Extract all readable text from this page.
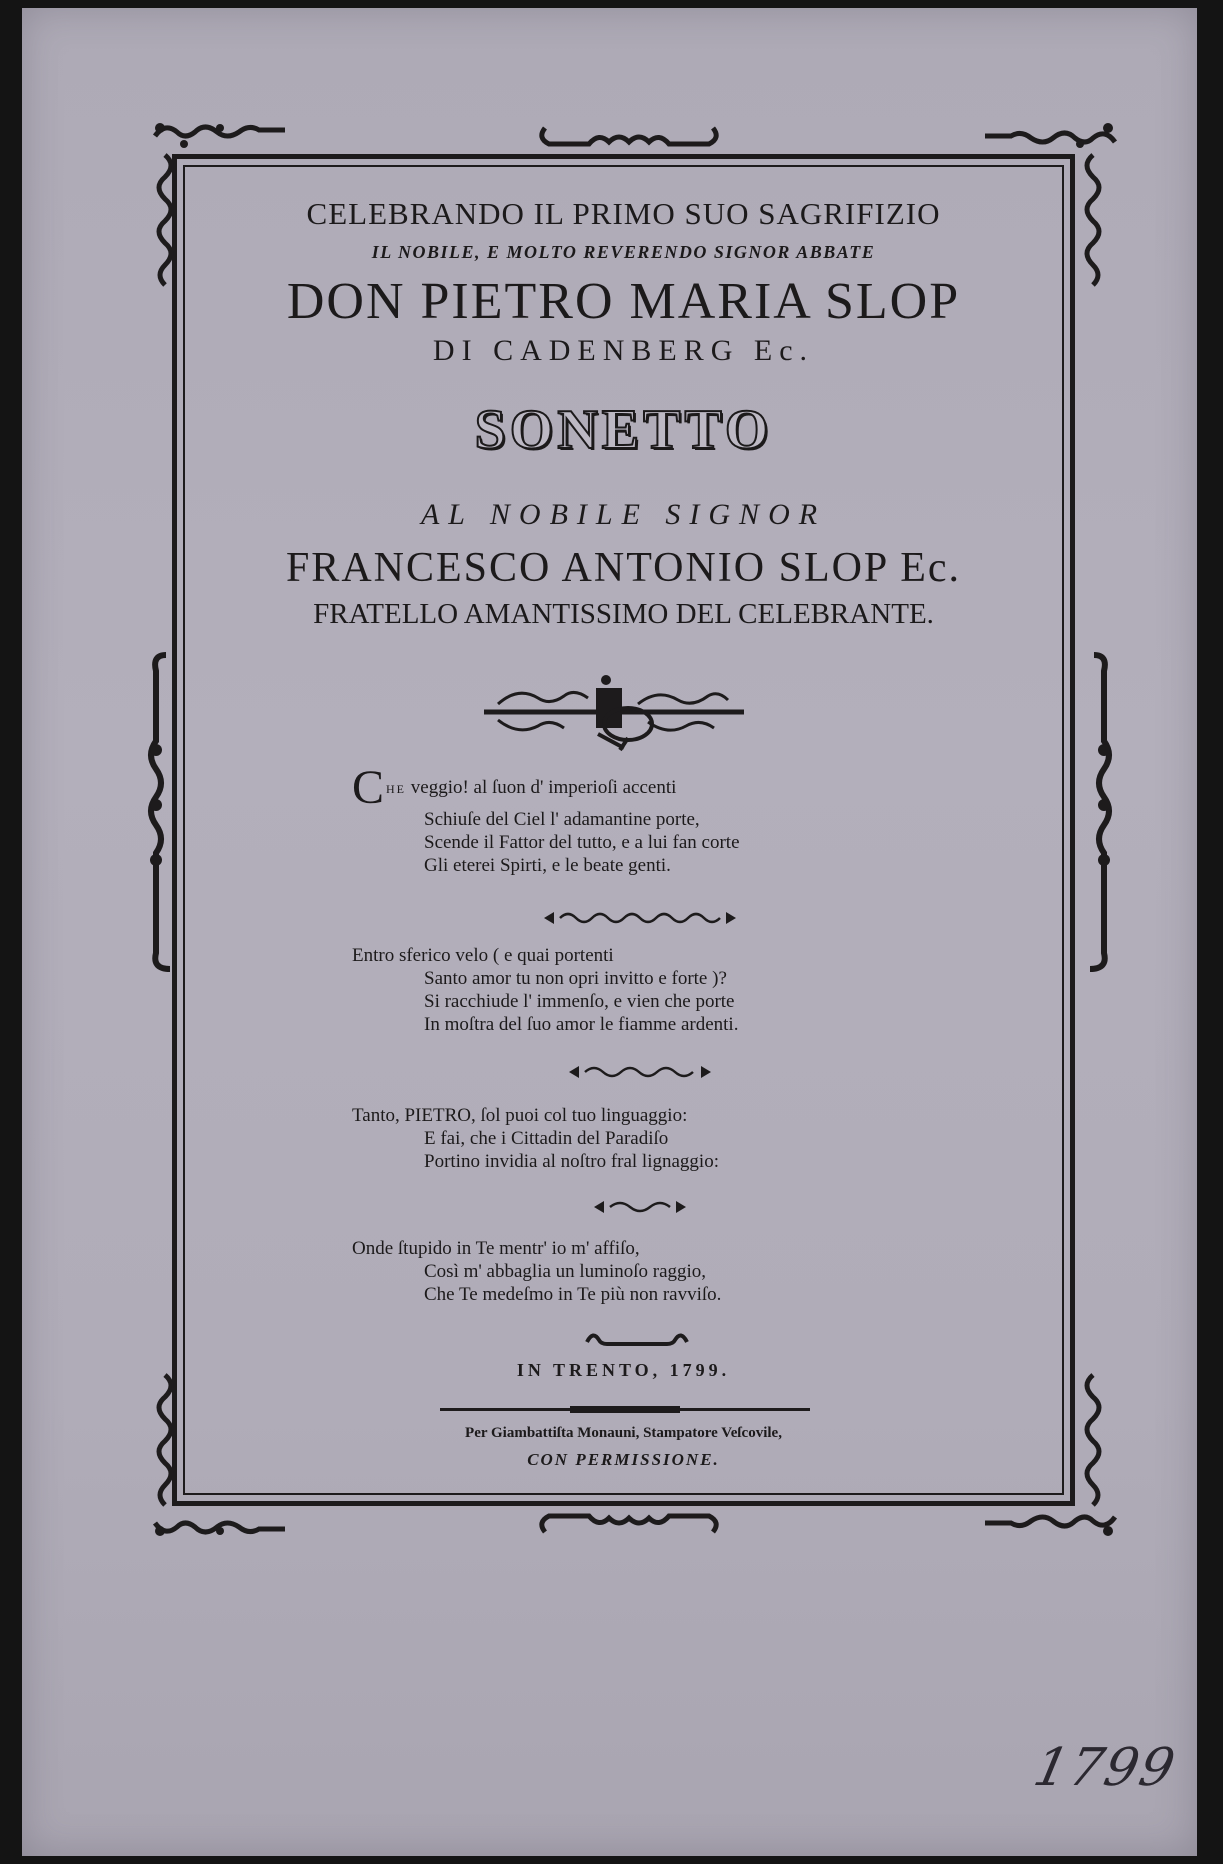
CELEBRANDO IL PRIMO SUO SAGRIFIZIO
IL NOBILE, E MOLTO REVERENDO SIGNOR ABBATE
DON PIETRO MARIA SLOP
DI CADENBERG Ec.
SONETTO
AL NOBILE SIGNOR
FRANCESCO ANTONIO SLOP Ec.
FRATELLO AMANTISSIMO DEL CELEBRANTE.
CHE veggio! al ſuon d' imperioſi accenti
Schiuſe del Ciel l' adamantine porte,
Scende il Fattor del tutto, e a lui fan corte
Gli eterei Spirti, e le beate genti.
Entro sferico velo ( e quai portenti
Santo amor tu non opri invitto e forte )?
Si racchiude l' immenſo, e vien che porte
In moſtra del ſuo amor le fiamme ardenti.
Tanto, PIETRO, ſol puoi col tuo linguaggio:
E fai, che i Cittadin del Paradiſo
Portino invidia al noſtro fral lignaggio:
Onde ſtupido in Te mentr' io m' affiſo,
Così m' abbaglia un luminoſo raggio,
Che Te medeſmo in Te più non ravviſo.
IN TRENTO, 1799.
Per Giambattiſta Monauni, Stampatore Veſcovile,
CON PERMISSIONE.
1799
